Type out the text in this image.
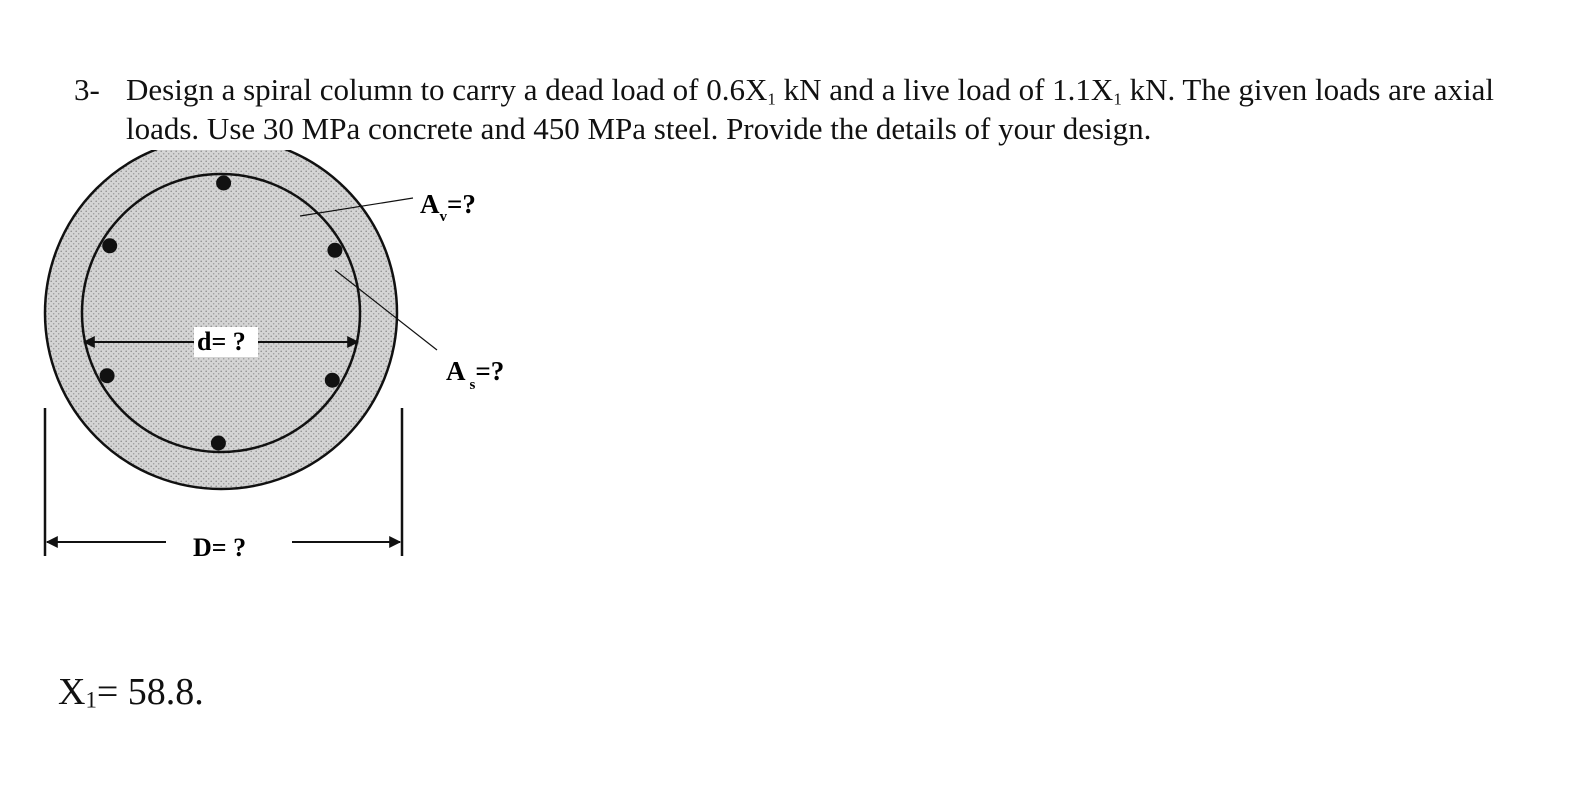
3- Design a spiral column to carry a dead load of $0.6X_1$ kN and a live load of $1.1X_1$ kN. The given loads are axial loads. Use 30 MPa concrete and 450 MPa steel. Provide the details of your design.
$A_v=$?
A $_s$=?
d= ?
D= ?
$X_1= 58.8$.
